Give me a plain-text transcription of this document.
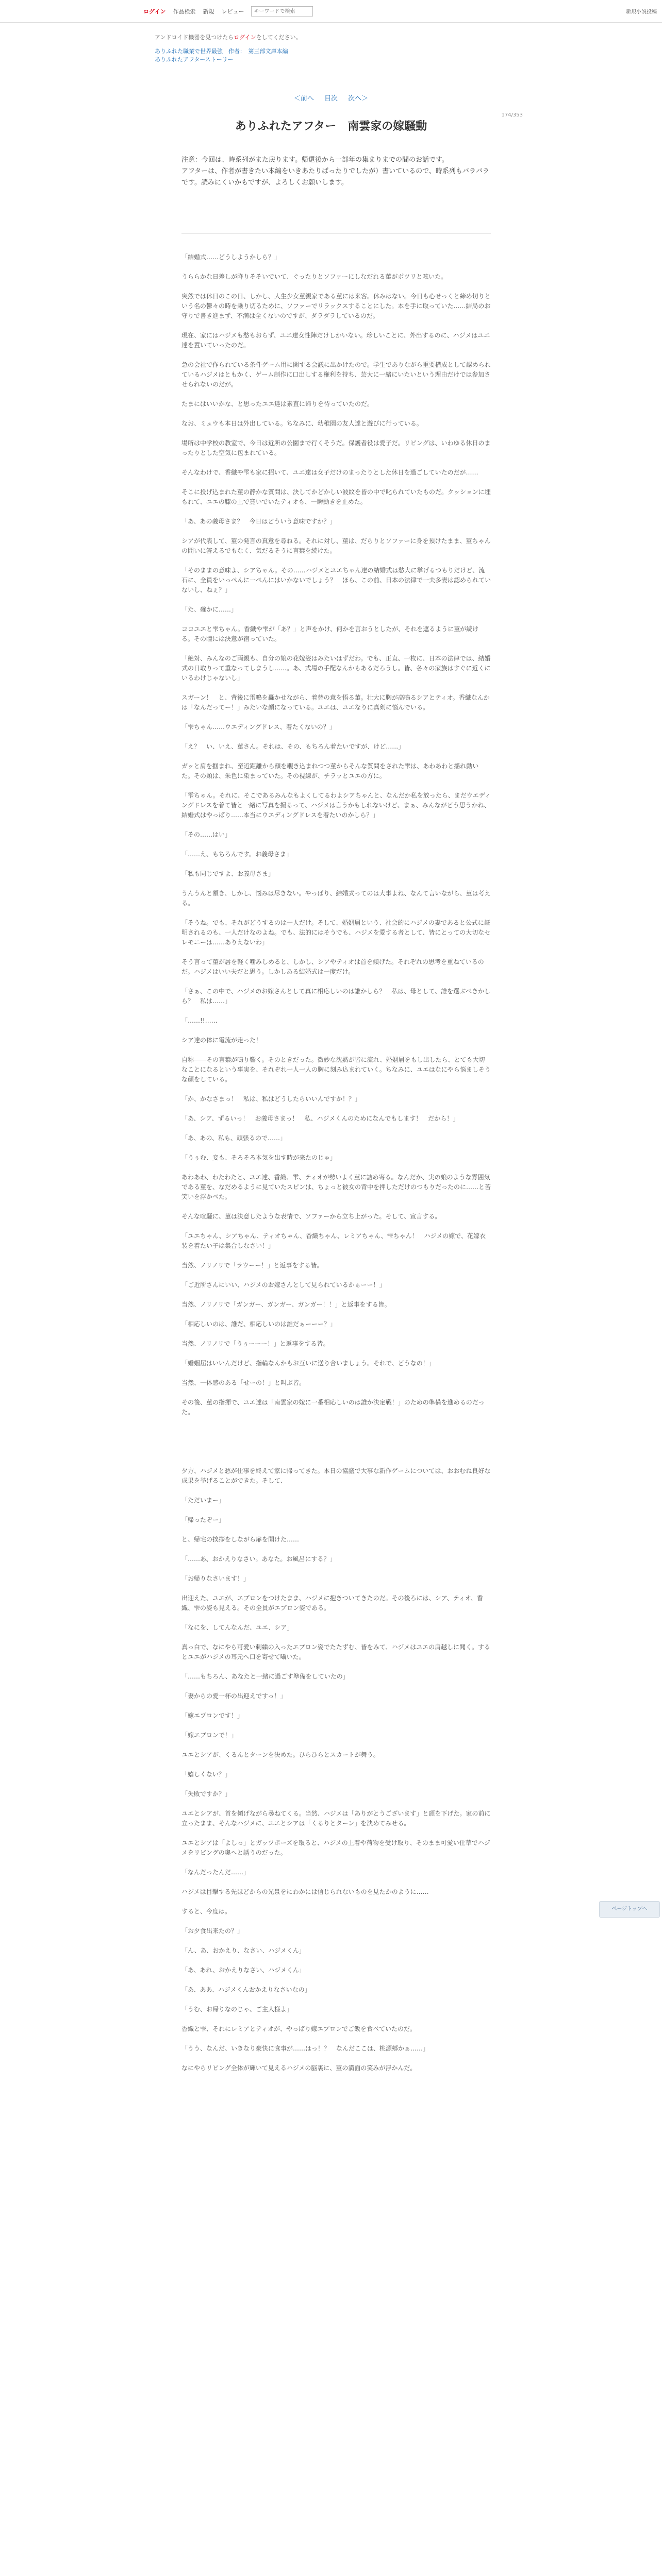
ログイン 作品検索 新規 レビュー
キーワードで検索	新規小説投稿
アンドロイド機器を見つけたらログインをしてください。
ありふれた職業で世界最強　作者：　第三部文庫本編
ありふれたアフターストーリー
＜前へ 目次 次へ＞
174/353
ありふれたアフター　南雲家の嫁騒動

注意：今回は、時系列がまた戻ります。帰還後から一部年の集まりまでの間のお話です。

アフターは、作者が書きたい本編をいきあたりばったりでしたが）書いているので、時系列もバラバラです。読みにくいかもですが、よろしくお願いします。

「結婚式……どうしようかしら？」

うららかな日差しが降りそそいでいて、ぐったりとソファーにしなだれる菫がポツリと呟いた。

突然では休日のこの日、しかし、人生少女菫親家である菫には来客。休みはない。今日も心せっくと締め切りという名の鬱々の時を乗り切るために、ソファーでリラックスすることにした。本を手に取っていた……結局のお守りで書き進まず、不満は全くないのですが、ダラダラしているのだ。

現在、家にはハジメも愁もおらず、ユエ達女性陣だけしかいない。珍しいことに、外出するのに、ハジメはユエ達を置いていったのだ。

急の会社で作られている条件ゲーム用に関する会議に出かけたので。学生でありながら重要構成として認められているハジメはともかく、ゲーム制作に口出しする権利を持ち、芸大に一緒にいたいという理由だけでは参加させられないのだが。

たまにはいいかな、と思ったユエ達は素直に帰りを待っていたのだ。

なお、ミュウも本日は外出している。ちなみに、幼稚園の友人達と遊びに行っている。

場所は中学校の教室で、今日は近所の公園まで行くそうだ。保護者役は愛子だ。リビングは、いわゆる休日のまったりとした空気に包まれている。

そんなわけで、香織や雫も家に招いて、ユエ達は女子だけのまったりとした休日を過ごしていたのだが……

そこに投げ込まれた菫の静かな質問は、決してかどかしい波紋を皆の中で叱られていたものだ。クッションに埋もれて、ユエの膝の上で寛いでいたティオも、一瞬動きを止めた。

「あ、あの義母さま？　今日はどういう意味ですか？」

シアが代表して、菫の発言の真意を尋ねる。それに対し、菫は、だらりとソファーに身を預けたまま、菫ちゃんの問いに答えるでもなく、気だるそうに言葉を続けた。

「そのままの意味よ、シアちゃん。その……ハジメとユエちゃん達の結婚式は愁大に挙げるつもりだけど、流石に、全員をいっぺんに一ぺんにはいかないでしょう？　ほら、この前、日本の法律で一夫多妻は認められていないし、ねぇ？」

「た、確かに……」

ココユエと雫ちゃん。香織や雫が「あ？」と声をかけ、何かを言おうとしたが、それを遮るように菫が続ける。その瞳には決意が宿っていた。

「絶対、みんなのご両親も、自分の娘の花嫁姿はみたいはずだわ。でも、正直、一枚に、日本の法律では、結婚式の日取りって重なってしまうし……。あ、式場の手配なんかもあるだろうし。皆、各々の家族はすぐに近くにいるわけじゃないし」

スガーン！　と、背後に雷鳴を轟かせながら、着替の意を悟る菫。壮大に胸が高鳴るシアとティオ。香織なんかは「なんだってー！」みたいな顔になっている。ユエは、ユエなりに真剣に悩んでいる。

「雫ちゃん……ウエディングドレス、着たくないの？」

「え？　い、いえ、菫さん。それは、その、もちろん着たいですが、けど……」

ガッと肩を掴まれ、至近距離から顔を覗き込まれつつ菫からそんな質問をされた雫は、あわあわと揺れ動いた。その頬は、朱色に染まっていた。その視線が、チラッとユエの方に。

「雫ちゃん。それに、そこであるみんなもよくしてるわよシアちゃんと、なんだか私を放ったら、まだウエディングドレスを着て皆と一緒に写真を撮るって、ハジメは言うかもしれないけど、まぁ、みんながどう思うかね、結婚式はやっぱり……本当にウエディングドレスを着たいのかしら？」

「その……はい」

「……え、もちろんです。お義母さま」

「私も同じですよ、お義母さま」

うんうんと頷き、しかし、悩みは尽きない。やっぱり、結婚式ってのは大事よね、なんて言いながら、菫は考える。

「そうね。でも、それがどうするのは一人だけ。そして、婚姻届という、社会的にハジメの妻であると公式に証明されるのも、一人だけなのよね。でも、法的にはそうでも、ハジメを愛する者として、皆にとっての大切なセレモニーは……ありえないわ」

そう言って菫が唇を軽く噛みしめると、しかし、シアやティオは首を傾げた。それぞれの思考を重ねているのだ。ハジメはいい夫だと思う。しかしある結婚式は一度だけ。

「さぁ、この中で、ハジメのお嫁さんとして真に相応しいのは誰かしら？　私は、母として、誰を選ぶべきかしら？　私は……」

「……!!……

シア達の体に電流が走った！

自称――その言葉が鳴り響く。そのときだった。微妙な沈黙が皆に流れ、婚姻届をもし出したら、とても大切なことになるという事実を、それぞれ一人一人の胸に刻み込まれていく。ちなみに、ユエはなにやら悩ましそうな顔をしている。

「か、かなさまっ！　私は、私はどうしたらいいんですか！？」

「あ、シア、ずるいっ！　お義母さまっ！　私、ハジメくんのためになんでもします！　だから！」

「あ、あの、私も、頑張るので……」

「うぅむ、妾も、そろそろ本気を出す時が来たのじゃ」

あわあわ、わたわたと、ユエ達、香織、雫、ティオが勢いよく菫に詰め寄る。なんだか、実の娘のような雰囲気である菫を、なだめるように見ていたスピンは、ちょっと彼女の背中を押しただけのつもりだったのに……と苦笑いを浮かべた。

そんな喧騒に、菫は決意したような表情で、ソファーから立ち上がった。そして、宣言する。

「ユエちゃん、シアちゃん、ティオちゃん、香織ちゃん、レミアちゃん、雫ちゃん！　ハジメの嫁で、花嫁衣装を着たい子は集合しなさい！」

当然、ノリノリで「ラウーー！」と返事をする皆。

「ご近所さんにいい、ハジメのお嫁さんとして見られているかぁーー！」

当然、ノリノリで「ガンガー、ガンガー、ガンガー！！」と返事をする皆。

「相応しいのは、誰だ、相応しいのは誰だぁーーー？」

当然、ノリノリで「うぅーーー！」と返事をする皆。

「婚姻届はいいんだけど、指輪なんかもお互いに送り合いましょう。それで、どうなの！」

当然、一体感のある「せーの！」と叫ぶ皆。

その後、菫の指揮で、ユエ達は「南雲家の嫁に一番相応しいのは誰か決定戦！」のための準備を進めるのだった。

夕方、ハジメと愁が仕事を終えて家に帰ってきた。本日の協議で大事な新作ゲームについては、おおむね良好な成果を挙げることができた。そして、

「ただいまー」

「帰ったぞー」

と、帰宅の挨拶をしながら扉を開けた……

「……あ、おかえりなさい。あなた。お風呂にする？」

「お帰りなさいます！」

出迎えた、ユエが、エプロンをつけたまま、ハジメに抱きついてきたのだ。その後ろには、シア、ティオ、香織、雫の姿も見える。その全員がエプロン姿である。

「なにを、してんなんだ、ユエ、シア」

真っ白で、なにやら可愛い刺繍の入ったエプロン姿でたたずむ、皆をみて、ハジメはユエの肩越しに聞く。するとユエがハジメの耳元へ口を寄せて囁いた。

「……もちろん、あなたと一緒に過ごす準備をしていたの」

「妻からの愛一杯の出迎えですっ！」

「嫁エプロンです！」

「嫁エプロンで！」

ユエとシアが、くるんとターンを決めた。ひらひらとスカートが舞う。

「嬉しくない？」

「失敗ですか？」

ユエとシアが、首を傾げながら尋ねてくる。当然、ハジメは「ありがとうございます」と頭を下げた。家の前に立ったまま、そんなハジメに、ユエとシアは「くるりとターン」を決めてみせる。

ユエとシアは「よしっ」とガッツポーズを取ると、ハジメの上着や荷物を受け取り、そのまま可愛い仕草でハジメをリビングの奥へと誘うのだった。

「なんだったんだ……」

ハジメは目撃する先ほどからの光景をにわかには信じられないものを見たかのように……

すると、今度は。

「お夕食出来たの？」

「ん、あ、おかえり、なさい、ハジメくん」

「あ、あれ、おかえりなさい、ハジメくん」

「あ、ああ、ハジメくんおかえりなさいなの」

「うむ、お帰りなのじゃ、ご主人様よ」

香織と雫、それにレミアとティオが、やっぱり嫁エプロンでご飯を食べていたのだ。

「うう、なんだ、いきなり豪快に食事が……はっ！？　なんだここは、桃源郷かぁ……」

なにやらリビング全体が輝いて見えるハジメの脳裏に、菫の満面の笑みが浮かんだ。

ページトップへ
